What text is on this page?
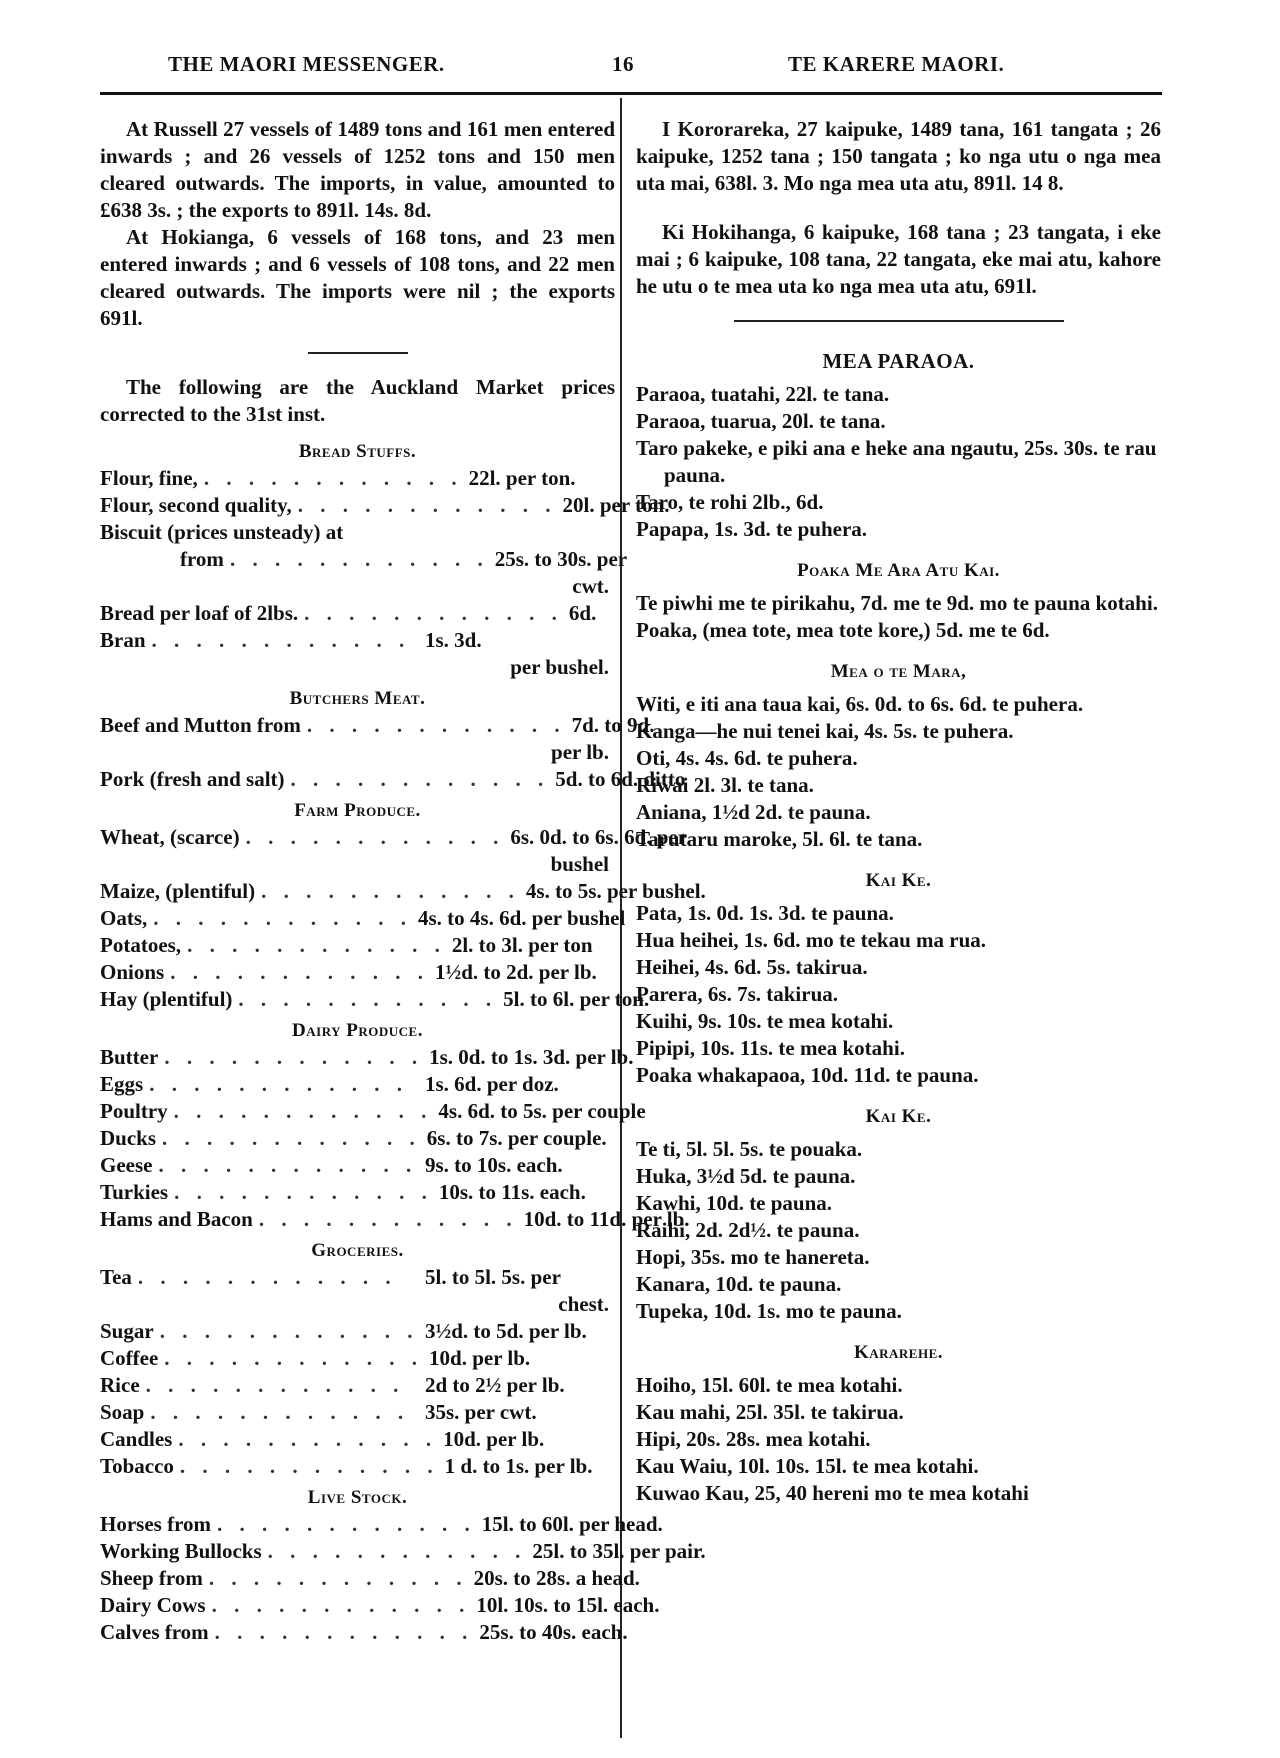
THE MAORI MESSENGER.	16	TE KARERE MAORI.

At Russell 27 vessels of 1489 tons and 161 men entered inwards ; and 26 vessels of 1252 tons and 150 men cleared outwards. The imports, in value, amounted to £638 3s. ; the exports to 891l. 14s. 8d.

At Hokianga, 6 vessels of 168 tons, and 23 men entered inwards ; and 6 vessels of 108 tons, and 22 men cleared outwards. The imports were nil ; the exports 691l.

The following are the Auckland Market prices corrected to the 31st inst.

Bread Stuffs.
Flour, fine, . . . . . . . . . . . . 22l. per ton.
Flour, second quality, . . . . . . . . . . . . 20l. per ton.
Biscuit (prices unsteady) at
from . . . . . . . . . . . . 25s. to 30s. per
cwt.
Bread per loaf of 2lbs. . . . . . . . . . . . . 6d.
Bran . . . . . . . . . . . . 1s. 3d.
per bushel.
Butchers Meat.
Beef and Mutton from . . . . . . . . . . . . 7d. to 9d.
per lb.
Pork (fresh and salt) . . . . . . . . . . . . 5d. to 6d. ditto
Farm Produce.
Wheat, (scarce) . . . . . . . . . . . . 6s. 0d. to 6s. 6d. per
bushel
Maize, (plentiful) . . . . . . . . . . . . 4s. to 5s. per bushel.
Oats, . . . . . . . . . . . . 4s. to 4s. 6d. per bushel
Potatoes, . . . . . . . . . . . . 2l. to 3l. per ton
Onions . . . . . . . . . . . . 1½d. to 2d. per lb.
Hay (plentiful) . . . . . . . . . . . . 5l. to 6l. per ton.
Dairy Produce.
Butter . . . . . . . . . . . . 1s. 0d. to 1s. 3d. per lb.
Eggs . . . . . . . . . . . . 1s. 6d. per doz.
Poultry . . . . . . . . . . . . 4s. 6d. to 5s. per couple
Ducks . . . . . . . . . . . . 6s. to 7s. per couple.
Geese . . . . . . . . . . . . 9s. to 10s. each.
Turkies . . . . . . . . . . . . 10s. to 11s. each.
Hams and Bacon . . . . . . . . . . . . 10d. to 11d. per lb.
Groceries.
Tea . . . . . . . . . . . .	5l. to 5l. 5s. per
chest.
Sugar . . . . . . . . . . . . 3½d. to 5d. per lb.
Coffee . . . . . . . . . . . . 10d. per lb.
Rice . . . . . . . . . . . . 2d to 2½ per lb.
Soap . . . . . . . . . . . . 35s. per cwt.
Candles . . . . . . . . . . . . 10d. per lb.
Tobacco . . . . . . . . . . . . 1 d. to 1s. per lb.
Live Stock.
Horses from . . . . . . . . . . . . 15l. to 60l. per head.
Working Bullocks . . . . . . . . . . . . 25l. to 35l. per pair.
Sheep from . . . . . . . . . . . . 20s. to 28s. a head.
Dairy Cows . . . . . . . . . . . . 10l. 10s. to 15l. each.
Calves from . . . . . . . . . . . . 25s. to 40s. each.

I Kororareka, 27 kaipuke, 1489 tana, 161 tangata ; 26 kaipuke, 1252 tana ; 150 tangata ; ko nga utu o nga mea uta mai, 638l. 3. Mo nga mea uta atu, 891l. 14 8.

Ki Hokihanga, 6 kaipuke, 168 tana ; 23 tangata, i eke mai ; 6 kaipuke, 108 tana, 22 tangata, eke mai atu, kahore he utu o te mea uta ko nga mea uta atu, 691l.

MEA PARAOA.
Paraoa, tuatahi, 22l. te tana.
Paraoa, tuarua, 20l. te tana.
Taro pakeke, e piki ana e heke ana ngautu, 25s. 30s. te rau pauna.
Taro, te rohi 2lb., 6d.
Papapa, 1s. 3d. te puhera.
Poaka Me Ara Atu Kai.
Te piwhi me te pirikahu, 7d. me te 9d. mo te pauna kotahi.
Poaka, (mea tote, mea tote kore,) 5d. me te 6d.
Mea o te Mara,
Witi, e iti ana taua kai, 6s. 0d. to 6s. 6d. te puhera.
Kanga—he nui tenei kai, 4s. 5s. te puhera.
Oti, 4s. 4s. 6d. te puhera.
Riwai 2l. 3l. te tana.
Aniana, 1½d 2d. te pauna.
Tarutaru maroke, 5l. 6l. te tana.
Kai Ke.
Pata, 1s. 0d. 1s. 3d. te pauna.
Hua heihei, 1s. 6d. mo te tekau ma rua.
Heihei, 4s. 6d. 5s. takirua.
Parera, 6s. 7s. takirua.
Kuihi, 9s. 10s. te mea kotahi.
Pipipi, 10s. 11s. te mea kotahi.
Poaka whakapaoa, 10d. 11d. te pauna.
Kai Ke.
Te ti, 5l. 5l. 5s. te pouaka.
Huka, 3½d 5d. te pauna.
Kawhi, 10d. te pauna.
Raihi, 2d. 2d½. te pauna.
Hopi, 35s. mo te hanereta.
Kanara, 10d. te pauna.
Tupeka, 10d. 1s. mo te pauna.
Kararehe.
Hoiho, 15l. 60l. te mea kotahi.
Kau mahi, 25l. 35l. te takirua.
Hipi, 20s. 28s. mea kotahi.
Kau Waiu, 10l. 10s. 15l. te mea kotahi.
Kuwao Kau, 25, 40 hereni mo te mea kotahi
